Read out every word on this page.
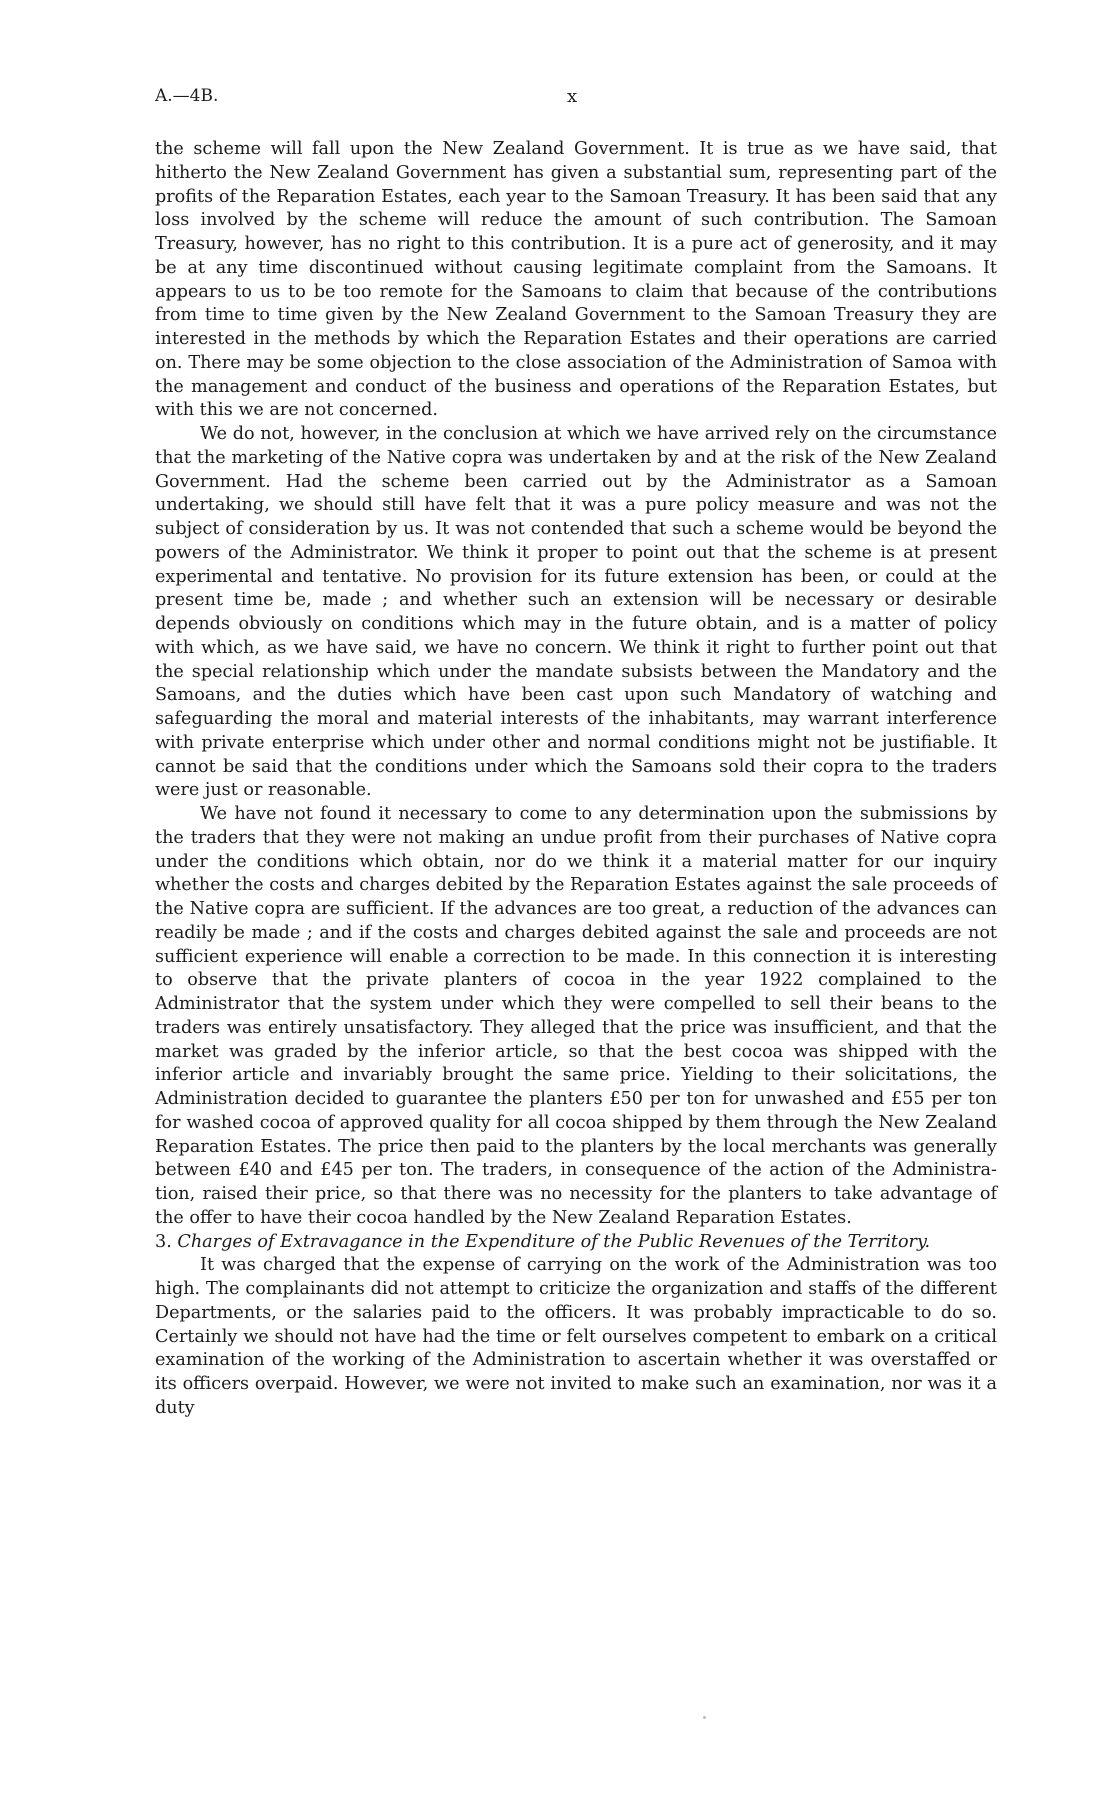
A.—4B.	x

the scheme will fall upon the New Zealand Government. It is true as we have said, that hitherto the New Zealand Government has given a substantial sum, representing part of the profits of the Reparation Estates, each year to the Samoan Treasury. It has been said that any loss involved by the scheme will reduce the amount of such contribution. The Samoan Treasury, however, has no right to this contribution. It is a pure act of generosity, and it may be at any time discontinued without causing legitimate complaint from the Samoans. It appears to us to be too remote for the Samoans to claim that because of the contributions from time to time given by the New Zealand Government to the Samoan Treasury they are interested in the methods by which the Reparation Estates and their operations are carried on. There may be some objection to the close association of the Administration of Samoa with the management and conduct of the business and operations of the Reparation Estates, but with this we are not concerned.

We do not, however, in the conclusion at which we have arrived rely on the circumstance that the marketing of the Native copra was undertaken by and at the risk of the New Zealand Government. Had the scheme been carried out by the Administrator as a Samoan undertaking, we should still have felt that it was a pure policy measure and was not the subject of consideration by us. It was not contended that such a scheme would be beyond the powers of the Administrator. We think it proper to point out that the scheme is at present experimental and tentative. No provision for its future extension has been, or could at the present time be, made ; and whether such an extension will be necessary or desirable depends obviously on conditions which may in the future obtain, and is a matter of policy with which, as we have said, we have no concern. We think it right to further point out that the special relationship which under the mandate subsists between the Mandatory and the Samoans, and the duties which have been cast upon such Mandatory of watching and safeguarding the moral and material interests of the inhabitants, may warrant interference with private enterprise which under other and normal conditions might not be justifiable. It cannot be said that the conditions under which the Samoans sold their copra to the traders were just or reasonable.

We have not found it necessary to come to any determination upon the submissions by the traders that they were not making an undue profit from their purchases of Native copra under the conditions which obtain, nor do we think it a material matter for our inquiry whether the costs and charges debited by the Reparation Estates against the sale proceeds of the Native copra are sufficient. If the advances are too great, a reduction of the advances can readily be made ; and if the costs and charges debited against the sale and proceeds are not sufficient experience will enable a correction to be made. In this connection it is interesting to observe that the private planters of cocoa in the year 1922 complained to the Administrator that the system under which they were compelled to sell their beans to the traders was entirely unsatisfactory. They alleged that the price was insufficient, and that the market was graded by the inferior article, so that the best cocoa was shipped with the inferior article and invariably brought the same price. Yielding to their solicitations, the Administration decided to guarantee the planters £50 per ton for unwashed and £55 per ton for washed cocoa of approved quality for all cocoa shipped by them through the New Zealand Reparation Estates. The price then paid to the planters by the local merchants was generally between £40 and £45 per ton. The traders, in consequence of the action of the Administration, raised their price, so that there was no necessity for the planters to take advantage of the offer to have their cocoa handled by the New Zealand Reparation Estates.

3. Charges of Extravagance in the Expenditure of the Public Revenues of the Territory.

It was charged that the expense of carrying on the work of the Administration was too high. The complainants did not attempt to criticize the organization and staffs of the different Departments, or the salaries paid to the officers. It was probably impracticable to do so. Certainly we should not have had the time or felt ourselves competent to embark on a critical examination of the working of the Administration to ascertain whether it was overstaffed or its officers overpaid. However, we were not invited to make such an examination, nor was it a duty
